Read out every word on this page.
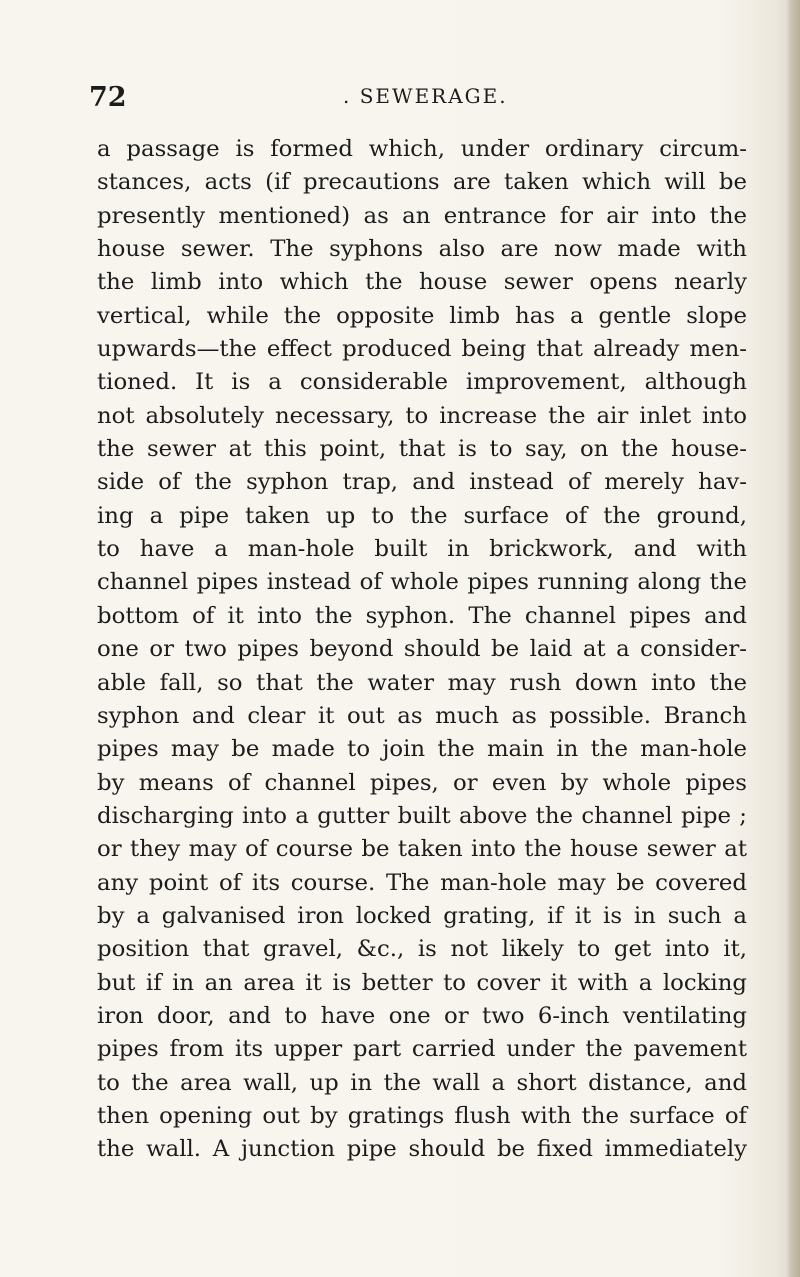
72	. SEWERAGE.
a passage is formed which, under ordinary circum-
stances, acts (if precautions are taken which will be
presently mentioned) as an entrance for air into the
house sewer. The syphons also are now made with
the limb into which the house sewer opens nearly
vertical, while the opposite limb has a gentle slope
upwards—the effect produced being that already men-
tioned. It is a considerable improvement, although
not absolutely necessary, to increase the air inlet into
the sewer at this point, that is to say, on the house-
side of the syphon trap, and instead of merely hav-
ing a pipe taken up to the surface of the ground,
to have a man-hole built in brickwork, and with
channel pipes instead of whole pipes running along the
bottom of it into the syphon. The channel pipes and
one or two pipes beyond should be laid at a consider-
able fall, so that the water may rush down into the
syphon and clear it out as much as possible. Branch
pipes may be made to join the main in the man-hole
by means of channel pipes, or even by whole pipes
discharging into a gutter built above the channel pipe ;
or they may of course be taken into the house sewer at
any point of its course. The man-hole may be covered
by a galvanised iron locked grating, if it is in such a
position that gravel, &c., is not likely to get into it,
but if in an area it is better to cover it with a locking
iron door, and to have one or two 6-inch ventilating
pipes from its upper part carried under the pavement
to the area wall, up in the wall a short distance, and
then opening out by gratings flush with the surface of
the wall. A junction pipe should be fixed immediately
